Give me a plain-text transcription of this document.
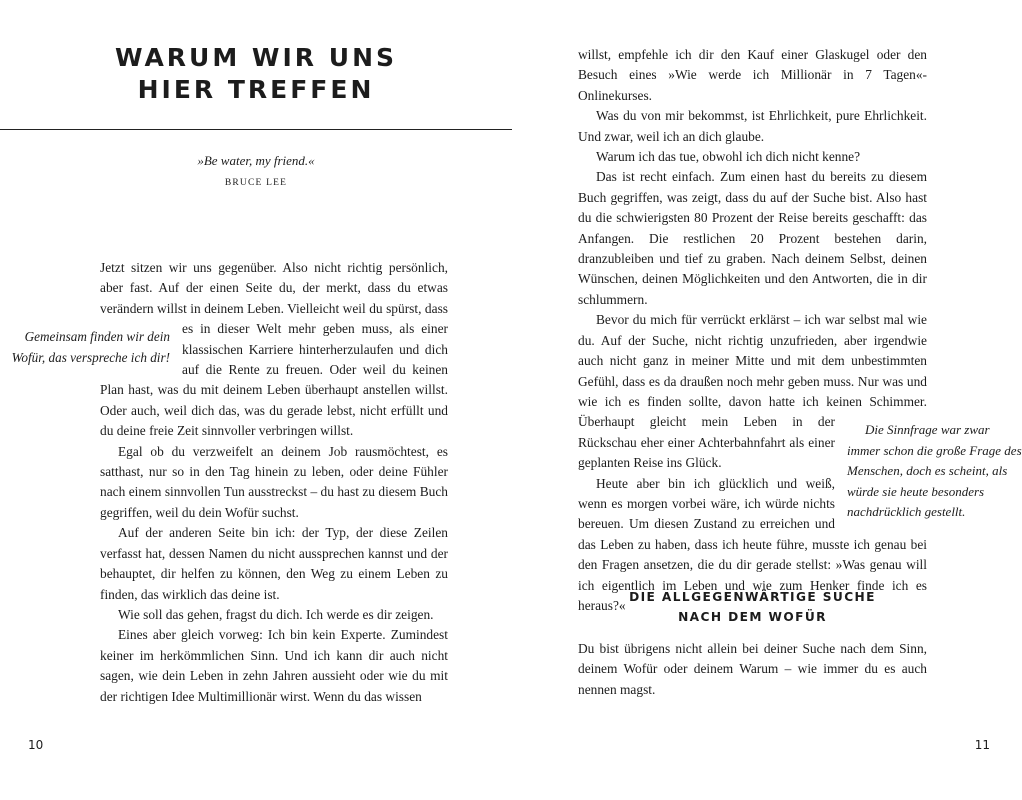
WARUM WIR UNS
HIER TREFFEN
»Be water, my friend.«
BRUCE LEE

Jetzt sitzen wir uns gegenüber. Also nicht richtig persönlich, aber fast. Auf der einen Seite du, der merkt, dass du etwas verändern willst in deinem Leben. Vielleicht weil du spürst, dass es in dieser
Gemeinsam finden wir dein Wofür, das verspreche ich dir!
Welt mehr geben muss, als einer klassischen Karriere hinterherzulaufen und dich auf die Rente zu freuen. Oder weil du keinen Plan hast, was du mit deinem Leben überhaupt anstellen willst. Oder auch, weil dich das, was du gerade lebst, nicht erfüllt und du deine freie Zeit sinnvoller verbringen willst.

Egal ob du verzweifelt an deinem Job rausmöchtest, es satthast, nur so in den Tag hinein zu leben, oder deine Fühler nach einem sinnvollen Tun ausstreckst – du hast zu diesem Buch gegriffen, weil du dein Wofür suchst.

Auf der anderen Seite bin ich: der Typ, der diese Zeilen verfasst hat, dessen Namen du nicht aussprechen kannst und der behauptet, dir helfen zu können, den Weg zu einem Leben zu finden, das wirklich das deine ist.

Wie soll das gehen, fragst du dich. Ich werde es dir zeigen.

Eines aber gleich vorweg: Ich bin kein Experte. Zumindest keiner im herkömmlichen Sinn. Und ich kann dir auch nicht sagen, wie dein Leben in zehn Jahren aussieht oder wie du mit der richtigen Idee Multimillionär wirst. Wenn du das wissen

10

willst, empfehle ich dir den Kauf einer Glaskugel oder den Besuch eines »Wie werde ich Millionär in 7 Tagen«-Onlinekurses.

Was du von mir bekommst, ist Ehrlichkeit, pure Ehrlichkeit. Und zwar, weil ich an dich glaube.

Warum ich das tue, obwohl ich dich nicht kenne?

Das ist recht einfach. Zum einen hast du bereits zu diesem Buch gegriffen, was zeigt, dass du auf der Suche bist. Also hast du die schwierigsten 80 Prozent der Reise bereits geschafft: das Anfangen. Die restlichen 20 Prozent bestehen darin, dranzubleiben und tief zu graben. Nach deinem Selbst, deinen Wünschen, deinen Möglichkeiten und den Antworten, die in dir schlummern.

Bevor du mich für verrückt erklärst – ich war selbst mal wie du. Auf der Suche, nicht richtig unzufrieden, aber irgendwie auch nicht ganz in meiner Mitte und mit dem unbestimmten Gefühl, dass es da draußen noch mehr geben muss. Nur was und wie ich es finden sollte, davon hatte ich keinen Schimmer. Überhaupt gleicht mein Leben in der
Die Sinnfrage war zwar immer schon die große Frage des Menschen, doch es scheint, als würde sie heute besonders nachdrücklich gestellt.
Rückschau eher einer Achterbahnfahrt als einer geplanten Reise ins Glück.

Heute aber bin ich glücklich und weiß, wenn es morgen vorbei wäre, ich würde nichts bereuen. Um diesen Zustand zu erreichen und das Leben zu haben, dass ich heute führe, musste ich genau bei den Fragen ansetzen, die du dir gerade stellst: »Was genau will ich eigentlich im Leben und wie zum Henker finde ich es heraus?«

DIE ALLGEGENWÄRTIGE SUCHE
NACH DEM WOFÜR

Du bist übrigens nicht allein bei deiner Suche nach dem Sinn, deinem Wofür oder deinem Warum – wie immer du es auch nennen magst.

11
